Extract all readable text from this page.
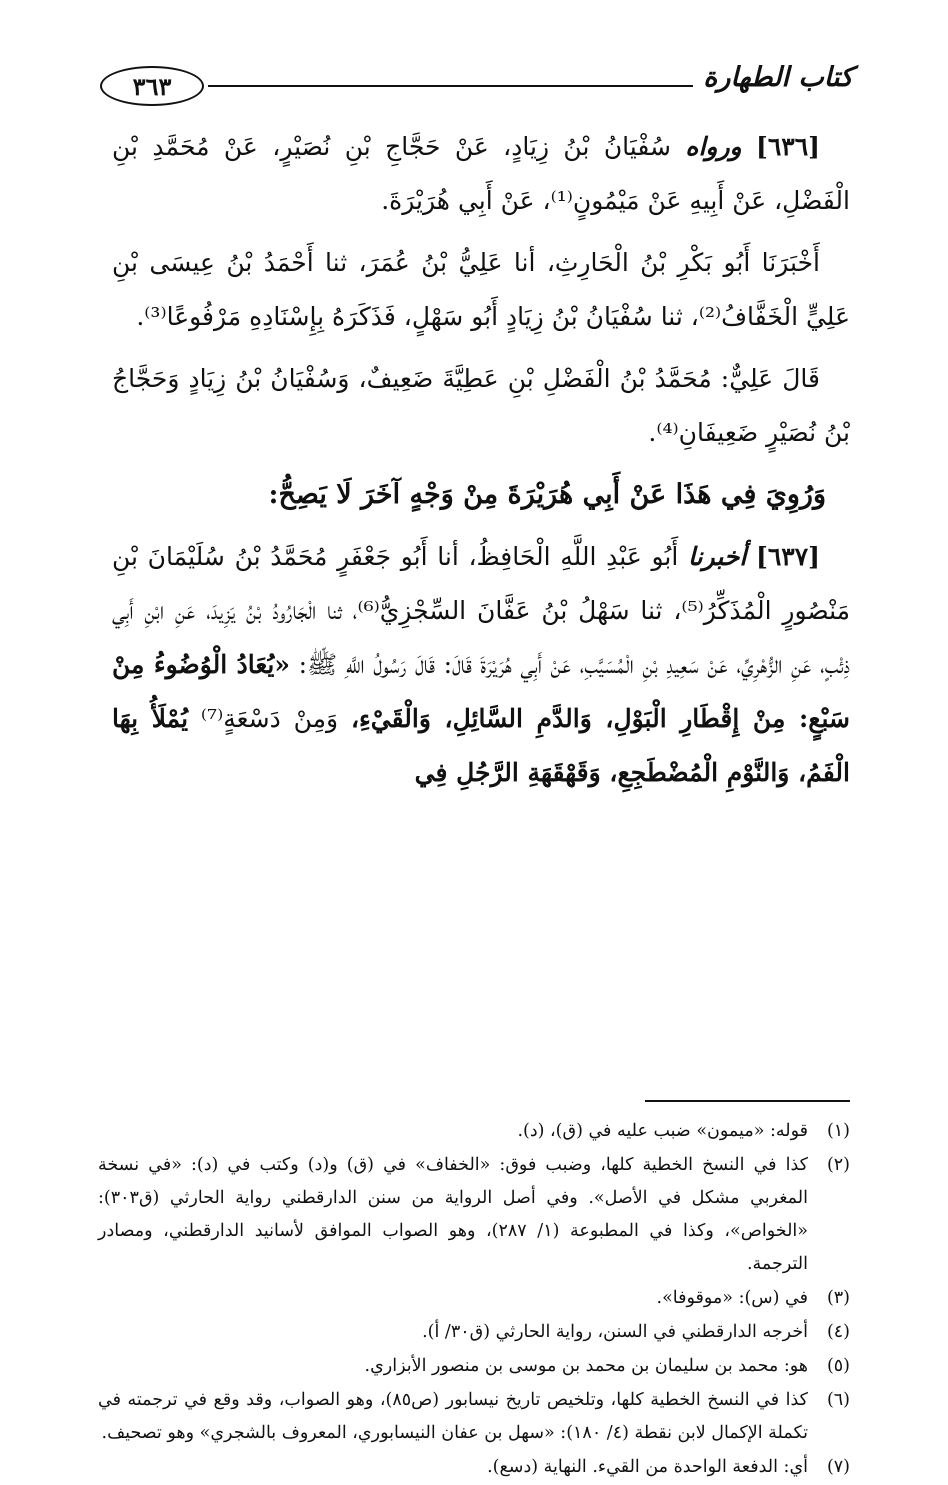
٣٦٣	كتاب الطهارة

[٦٣٦] ورواه سُفْيَانُ بْنُ زِيَادٍ، عَنْ حَجَّاجِ بْنِ نُصَيْرٍ، عَنْ مُحَمَّدِ بْنِ الْفَضْلِ، عَنْ أَبِيهِ عَنْ مَيْمُونٍ⁽¹⁾، عَنْ أَبِي هُرَيْرَةَ.

أَخْبَرَنَا أَبُو بَكْرِ بْنُ الْحَارِثِ، أنا عَلِيُّ بْنُ عُمَرَ، ثنا أَحْمَدُ بْنُ عِيسَى بْنِ عَلِيٍّ الْخَفَّافُ⁽²⁾، ثنا سُفْيَانُ بْنُ زِيَادٍ أَبُو سَهْلٍ، فَذَكَرَهُ بِإِسْنَادِهِ مَرْفُوعًا⁽³⁾.

قَالَ عَلِيٌّ: مُحَمَّدُ بْنُ الْفَضْلِ بْنِ عَطِيَّةَ ضَعِيفٌ، وَسُفْيَانُ بْنُ زِيَادٍ وَحَجَّاجُ بْنُ نُصَيْرٍ ضَعِيفَانِ⁽⁴⁾.

وَرُوِيَ فِي هَذَا عَنْ أَبِي هُرَيْرَةَ مِنْ وَجْهٍ آخَرَ لَا يَصِحُّ:

[٦٣٧] أخبرنا أَبُو عَبْدِ اللَّهِ الْحَافِظُ، أنا أَبُو جَعْفَرٍ مُحَمَّدُ بْنُ سُلَيْمَانَ بْنِ مَنْصُورٍ الْمُذَكِّرُ⁽⁵⁾، ثنا سَهْلُ بْنُ عَفَّانَ السِّجْزِيُّ⁽⁶⁾، ثنا الْجَارُودُ بْنُ يَزِيدَ، عَنِ ابْنِ أَبِي ذِئْبٍ، عَنِ الزُّهْرِيِّ، عَنْ سَعِيدِ بْنِ الْمُسَيَّبِ، عَنْ أَبِي هُرَيْرَةَ قَالَ: قَالَ رَسُولُ اللَّهِ ﷺ: «يُعَادُ الْوُضُوءُ مِنْ سَبْعٍ: مِنْ إِقْطَارِ الْبَوْلِ، وَالدَّمِ السَّائِلِ، وَالْقَيْءِ، وَمِنْ دَسْعَةٍ⁽⁷⁾ يُمْلَأُ بِهَا الْفَمُ، وَالنَّوْمِ الْمُضْطَجِعِ، وَقَهْقَهَةِ الرَّجُلِ فِي

(١)
قوله: «ميمون» ضبب عليه في (ق)، (د).
(٢)
كذا في النسخ الخطية كلها، وضبب فوق: «الخفاف» في (ق) و(د) وكتب في (د): «في نسخة المغربي مشكل في الأصل». وفي أصل الرواية من سنن الدارقطني رواية الحارثي (ق٣٠٣): «الخواص»، وكذا في المطبوعة (١/ ٢٨٧)، وهو الصواب الموافق لأسانيد الدارقطني، ومصادر الترجمة.
(٣)
في (س): «موقوفا».
(٤)
أخرجه الدارقطني في السنن، رواية الحارثي (ق٣٠/ أ).
(٥)
هو: محمد بن سليمان بن محمد بن موسى بن منصور الأبزاري.
(٦)
كذا في النسخ الخطية كلها، وتلخيص تاريخ نيسابور (ص٨٥)، وهو الصواب، وقد وقع في ترجمته في تكملة الإكمال لابن نقطة (٤/ ١٨٠): «سهل بن عفان النيسابوري، المعروف بالشجري» وهو تصحيف.
(٧)
أي: الدفعة الواحدة من القيء. النهاية (دسع).
